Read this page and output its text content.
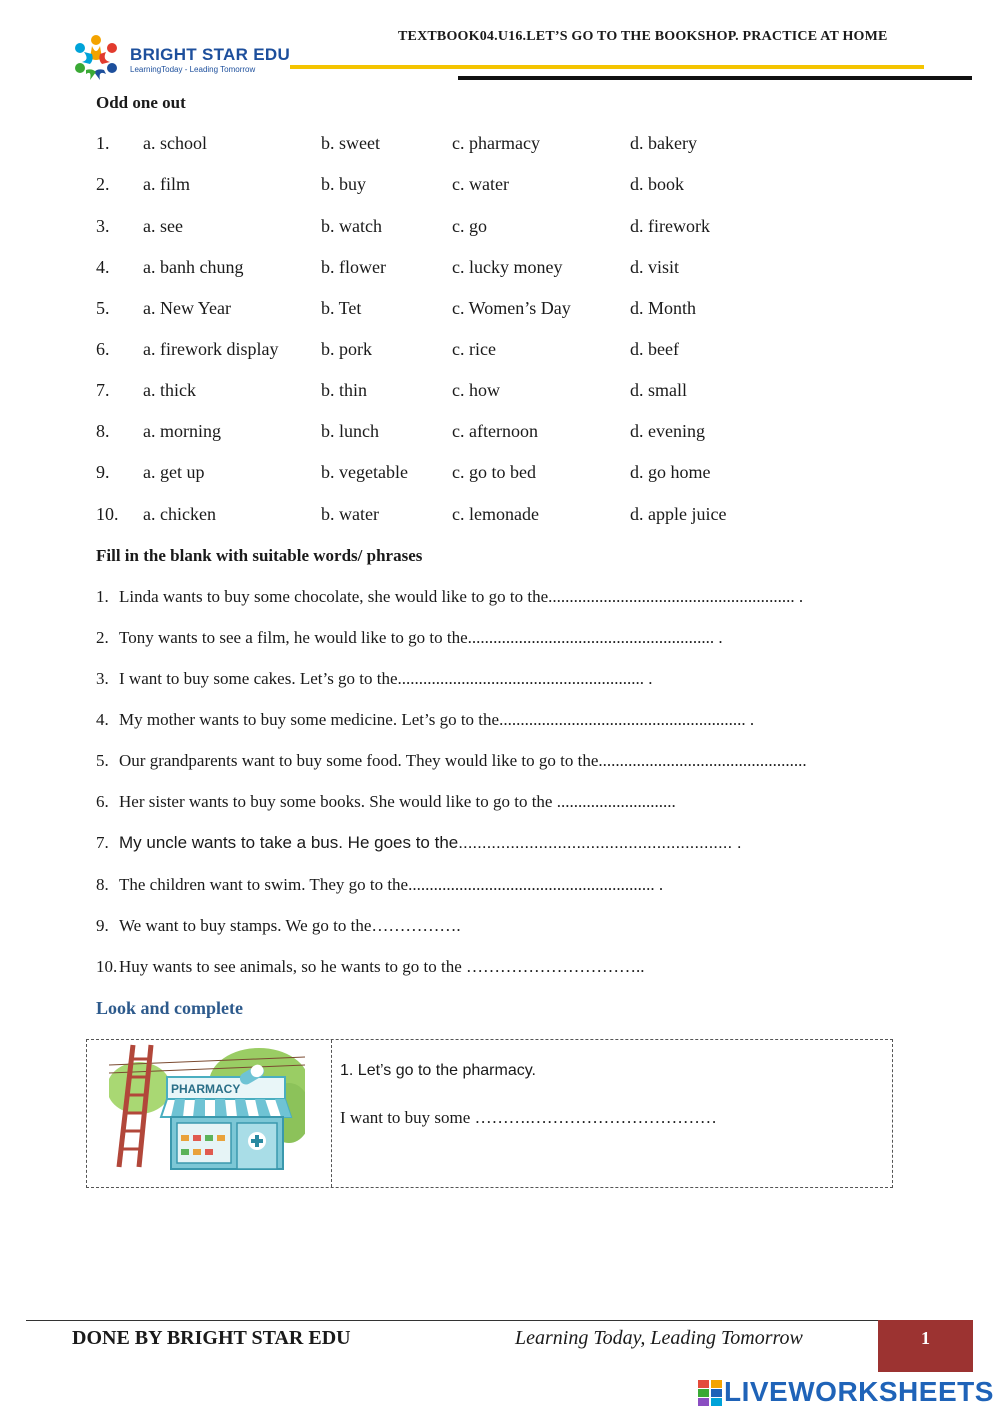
BRIGHT STAR EDU
LearningToday - Leading Tomorrow
TEXTBOOK04.U16.LET’S GO TO THE BOOKSHOP. PRACTICE AT HOME
Odd one out
1. a. school	b. sweet	c. pharmacy	d. bakery
2. a. film	b. buy	c. water	d. book
3. a. see	b. watch	c. go	d. firework
4. a. banh chung	b. flower	c. lucky money	d. visit
5. a. New Year	b. Tet	c. Women’s Day	d. Month
6. a. firework display b. pork	c. rice	d. beef
7. a. thick	b. thin	c. how	d. small
8. a. morning	b. lunch	c. afternoon	d. evening
9. a. get up	b. vegetable c. go to bed	d. go home
10. a. chicken	b. water	c. lemonade	d. apple juice
Fill in the blank with suitable words/ phrases
1. Linda wants to buy some chocolate, she would like to go to the.......................................................... .
2. Tony wants to see a film, he would like to go to the.......................................................... .
3. I want to buy some cakes. Let’s go to the.......................................................... .
4. My mother wants to buy some medicine. Let’s go to the.......................................................... .
5. Our grandparents want to buy some food. They would like to go to the.................................................
6. Her sister wants to buy some books. She would like to go to the ............................
7. My uncle wants to take a bus. He goes to the.......................................................... .
8. The children want to swim. They go to the.......................................................... .
9. We want to buy stamps. We go to the…………….
10. Huy wants to see animals, so he wants to go to the …………………………..
Look and complete
PHARMACY
1. Let’s go to the pharmacy.
I want to buy some ……….……………………………
DONE BY BRIGHT STAR EDU	Learning Today, Leading Tomorrow	1
LIVEWORKSHEETS
